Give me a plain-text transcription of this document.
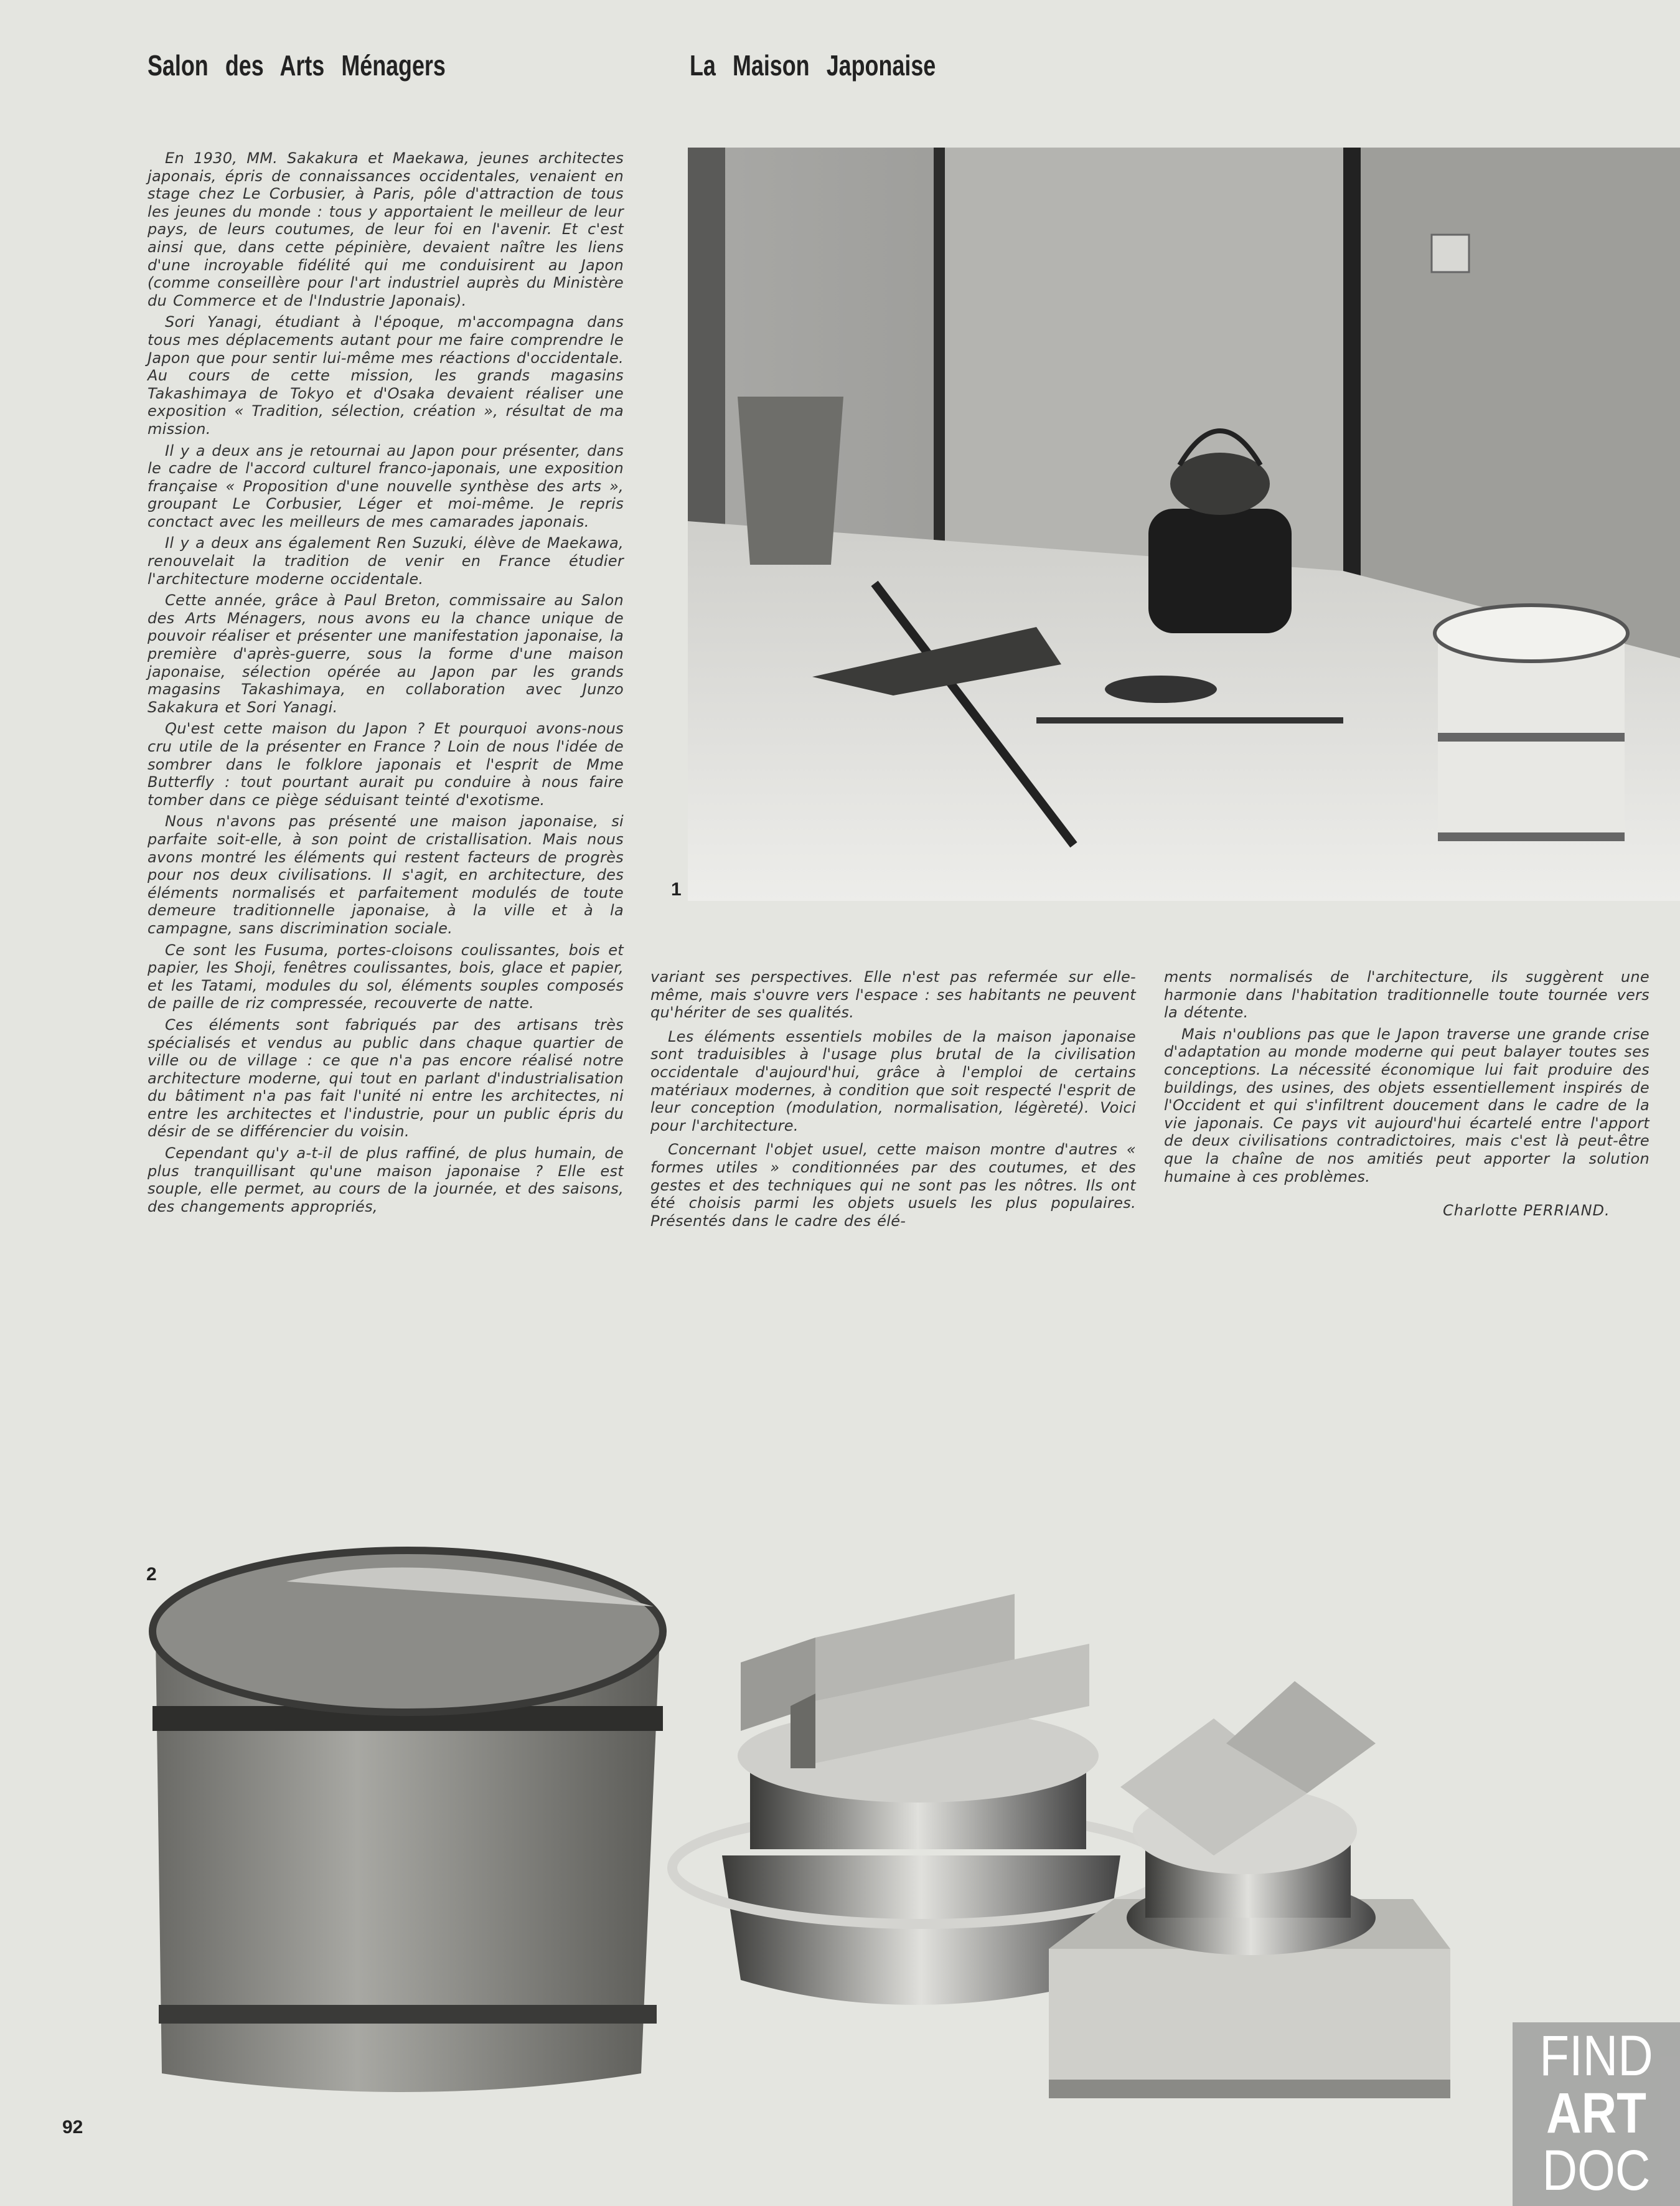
Salon des Arts Ménagers	La Maison Japonaise

En 1930, MM. Sakakura et Maekawa, jeunes architectes japonais, épris de connaissances occidentales, venaient en stage chez Le Corbusier, à Paris, pôle d'attraction de tous les jeunes du monde : tous y apportaient le meilleur de leur pays, de leurs coutumes, de leur foi en l'avenir. Et c'est ainsi que, dans cette pépinière, devaient naître les liens d'une incroyable fidélité qui me conduisirent au Japon (comme conseillère pour l'art industriel auprès du Ministère du Commerce et de l'Industrie Japonais).

Sori Yanagi, étudiant à l'époque, m'accompagna dans tous mes déplacements autant pour me faire comprendre le Japon que pour sentir lui-même mes réactions d'occidentale. Au cours de cette mission, les grands magasins Takashimaya de Tokyo et d'Osaka devaient réaliser une exposition « Tradition, sélection, création », résultat de ma mission.

Il y a deux ans je retournai au Japon pour présenter, dans le cadre de l'accord culturel franco-japonais, une exposition française « Proposition d'une nouvelle synthèse des arts », groupant Le Corbusier, Léger et moi-même. Je repris conctact avec les meilleurs de mes camarades japonais.

Il y a deux ans également Ren Suzuki, élève de Maekawa, renouvelait la tradition de venir en France étudier l'architecture moderne occidentale.

Cette année, grâce à Paul Breton, commissaire au Salon des Arts Ménagers, nous avons eu la chance unique de pouvoir réaliser et présenter une manifestation japonaise, la première d'après-guerre, sous la forme d'une maison japonaise, sélection opérée au Japon par les grands magasins Takashimaya, en collaboration avec Junzo Sakakura et Sori Yanagi.

Qu'est cette maison du Japon ? Et pourquoi avons-nous cru utile de la présenter en France ? Loin de nous l'idée de sombrer dans le folklore japonais et l'esprit de Mme Butterfly : tout pourtant aurait pu conduire à nous faire tomber dans ce piège séduisant teinté d'exotisme.

Nous n'avons pas présenté une maison japonaise, si parfaite soit-elle, à son point de cristallisation. Mais nous avons montré les éléments qui restent facteurs de progrès pour nos deux civilisations. Il s'agit, en architecture, des éléments normalisés et parfaitement modulés de toute demeure traditionnelle japonaise, à la ville et à la campagne, sans discrimination sociale.

Ce sont les Fusuma, portes-cloisons coulissantes, bois et papier, les Shoji, fenêtres coulissantes, bois, glace et papier, et les Tatami, modules du sol, éléments souples composés de paille de riz compressée, recouverte de natte.

Ces éléments sont fabriqués par des artisans très spécialisés et vendus au public dans chaque quartier de ville ou de village : ce que n'a pas encore réalisé notre architecture moderne, qui tout en parlant d'industrialisation du bâtiment n'a pas fait l'unité ni entre les architectes, ni entre les architectes et l'industrie, pour un public épris du désir de se différencier du voisin.

Cependant qu'y a-t-il de plus raffiné, de plus humain, de plus tranquillisant qu'une maison japonaise ? Elle est souple, elle permet, au cours de la journée, et des saisons, des changements appropriés,

1

variant ses perspectives. Elle n'est pas refermée sur elle-même, mais s'ouvre vers l'espace : ses habitants ne peuvent qu'hériter de ses qualités.

Les éléments essentiels mobiles de la maison japonaise sont traduisibles à l'usage plus brutal de la civilisation occidentale d'aujourd'hui, grâce à l'emploi de certains matériaux modernes, à condition que soit respecté l'esprit de leur conception (modulation, normalisation, légèreté). Voici pour l'architecture.

Concernant l'objet usuel, cette maison montre d'autres « formes utiles » conditionnées par des coutumes, et des gestes et des techniques qui ne sont pas les nôtres. Ils ont été choisis parmi les objets usuels les plus populaires. Présentés dans le cadre des élé-

ments normalisés de l'architecture, ils suggèrent une harmonie dans l'habitation traditionnelle toute tournée vers la détente.

Mais n'oublions pas que le Japon traverse une grande crise d'adaptation au monde moderne qui peut balayer toutes ses conceptions. La nécessité économique lui fait produire des buildings, des usines, des objets essentiellement inspirés de l'Occident et qui s'infiltrent doucement dans le cadre de la vie japonais. Ce pays vit aujourd'hui écartelé entre l'apport de deux civilisations contradictoires, mais c'est là peut-être que la chaîne de nos amitiés peut apporter la solution humaine à ces problèmes.

Charlotte PERRIAND.
2
92
FIND
ART
DOC
